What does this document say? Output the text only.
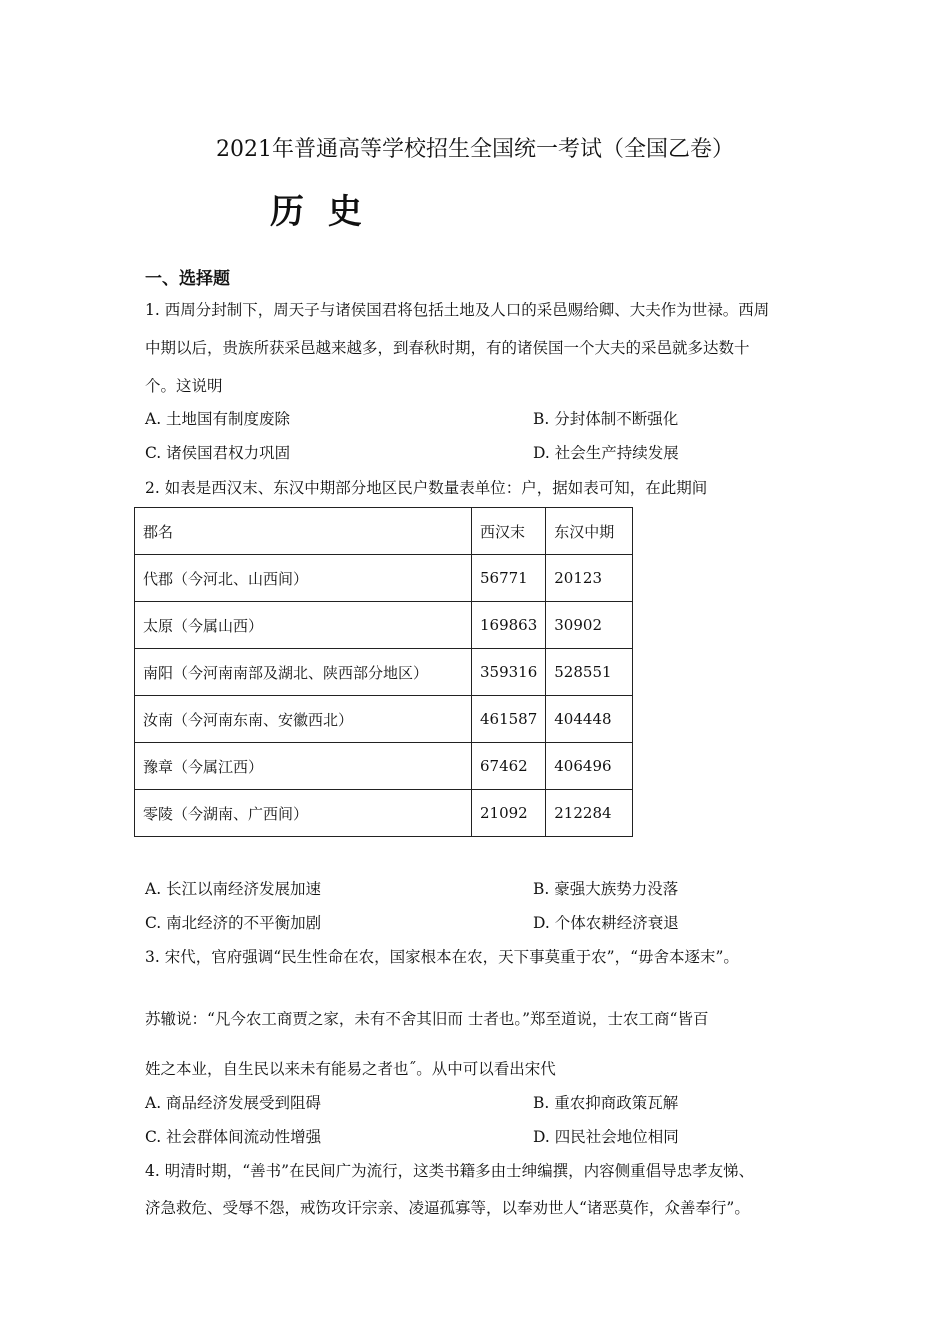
2021年普通高等学校招生全国统一考试（全国乙卷）
历 史
一、选择题
1. 西周分封制下，周天子与诸侯国君将包括土地及人口的采邑赐给卿、大夫作为世禄。西周
中期以后，贵族所获采邑越来越多，到春秋时期，有的诸侯国一个大夫的采邑就多达数十
个。这说明
A. 土地国有制度废除	B. 分封体制不断强化
C. 诸侯国君权力巩固	D. 社会生产持续发展
2. 如表是西汉末、东汉中期部分地区民户数量表单位：户，据如表可知，在此期间
郡名	西汉末	东汉中期
代郡（今河北、山西间）	56771	20123
太原（今属山西）	169863	30902
南阳（今河南南部及湖北、陕西部分地区）	359316	528551
汝南（今河南东南、安徽西北）	461587	404448
豫章（今属江西）	67462	406496
零陵（今湖南、广西间）	21092	212284
A. 长江以南经济发展加速	B. 豪强大族势力没落
C. 南北经济的不平衡加剧	D. 个体农耕经济衰退
3. 宋代，官府强调“民生性命在农，国家根本在农，天下事莫重于农”，“毋舍本逐末”。
苏辙说：“凡今农工商贾之家，未有不舍其旧而 士者也。”郑至道说，士农工商“皆百
姓之本业，自生民以来未有能易之者也˝。从中可以看出宋代
A. 商品经济发展受到阻碍	B. 重农抑商政策瓦解
C. 社会群体间流动性增强	D. 四民社会地位相同
4. 明清时期，“善书”在民间广为流行，这类书籍多由士绅编撰，内容侧重倡导忠孝友悌、
济急救危、受辱不怨，戒饬攻讦宗亲、凌逼孤寡等，以奉劝世人“诸恶莫作，众善奉行”。
